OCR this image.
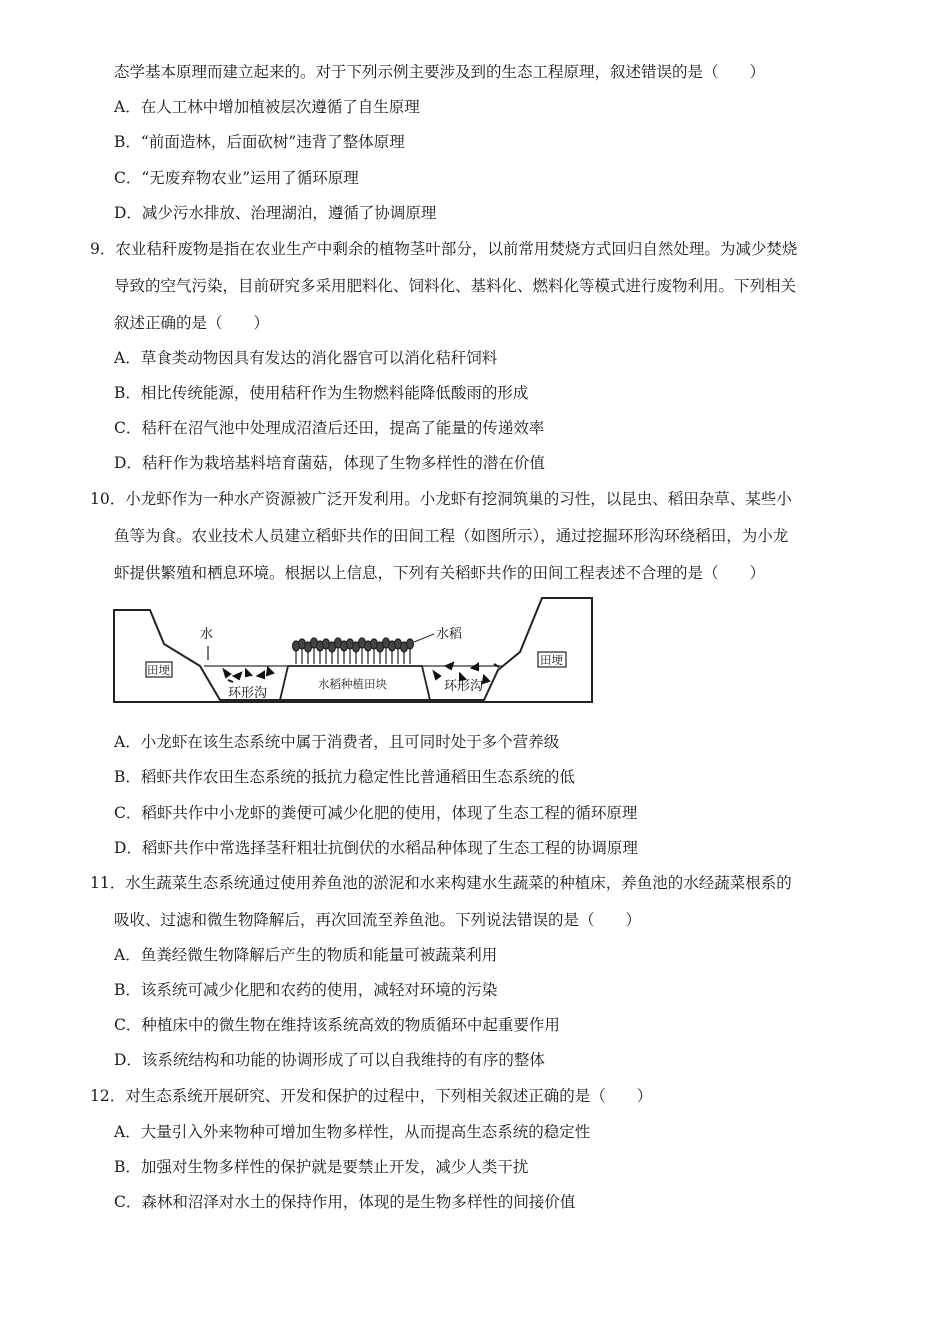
态学基本原理而建立起来的。对于下列示例主要涉及到的生态工程原理，叙述错误的是（　　）
A．在人工林中增加植被层次遵循了自生原理
B．“前面造林，后面砍树”违背了整体原理
C．“无废弃物农业”运用了循环原理
D．减少污水排放、治理湖泊，遵循了协调原理
9．农业秸秆废物是指在农业生产中剩余的植物茎叶部分，以前常用焚烧方式回归自然处理。为减少焚烧
导致的空气污染，目前研究多采用肥料化、饲料化、基料化、燃料化等模式进行废物利用。下列相关
叙述正确的是（　　）
A．草食类动物因具有发达的消化器官可以消化秸秆饲料
B．相比传统能源，使用秸秆作为生物燃料能降低酸雨的形成
C．秸秆在沼气池中处理成沼渣后还田，提高了能量的传递效率
D．秸秆作为栽培基料培育菌菇，体现了生物多样性的潜在价值
10．小龙虾作为一种水产资源被广泛开发利用。小龙虾有挖洞筑巢的习性，以昆虫、稻田杂草、某些小
鱼等为食。农业技术人员建立稻虾共作的田间工程（如图所示），通过挖掘环形沟环绕稻田，为小龙
虾提供繁殖和栖息环境。根据以上信息，下列有关稻虾共作的田间工程表述不合理的是（　　）
水	水稻
水稻种植田块
环形沟	环形沟
田埂
田埂
A．小龙虾在该生态系统中属于消费者，且可同时处于多个营养级
B．稻虾共作农田生态系统的抵抗力稳定性比普通稻田生态系统的低
C．稻虾共作中小龙虾的粪便可减少化肥的使用，体现了生态工程的循环原理
D．稻虾共作中常选择茎秆粗壮抗倒伏的水稻品种体现了生态工程的协调原理
11．水生蔬菜生态系统通过使用养鱼池的淤泥和水来构建水生蔬菜的种植床，养鱼池的水经蔬菜根系的
吸收、过滤和微生物降解后，再次回流至养鱼池。下列说法错误的是（　　）
A．鱼粪经微生物降解后产生的物质和能量可被蔬菜利用
B．该系统可减少化肥和农药的使用，减轻对环境的污染
C．种植床中的微生物在维持该系统高效的物质循环中起重要作用
D．该系统结构和功能的协调形成了可以自我维持的有序的整体
12．对生态系统开展研究、开发和保护的过程中，下列相关叙述正确的是（　　）
A．大量引入外来物种可增加生物多样性，从而提高生态系统的稳定性
B．加强对生物多样性的保护就是要禁止开发，减少人类干扰
C．森林和沼泽对水土的保持作用，体现的是生物多样性的间接价值
